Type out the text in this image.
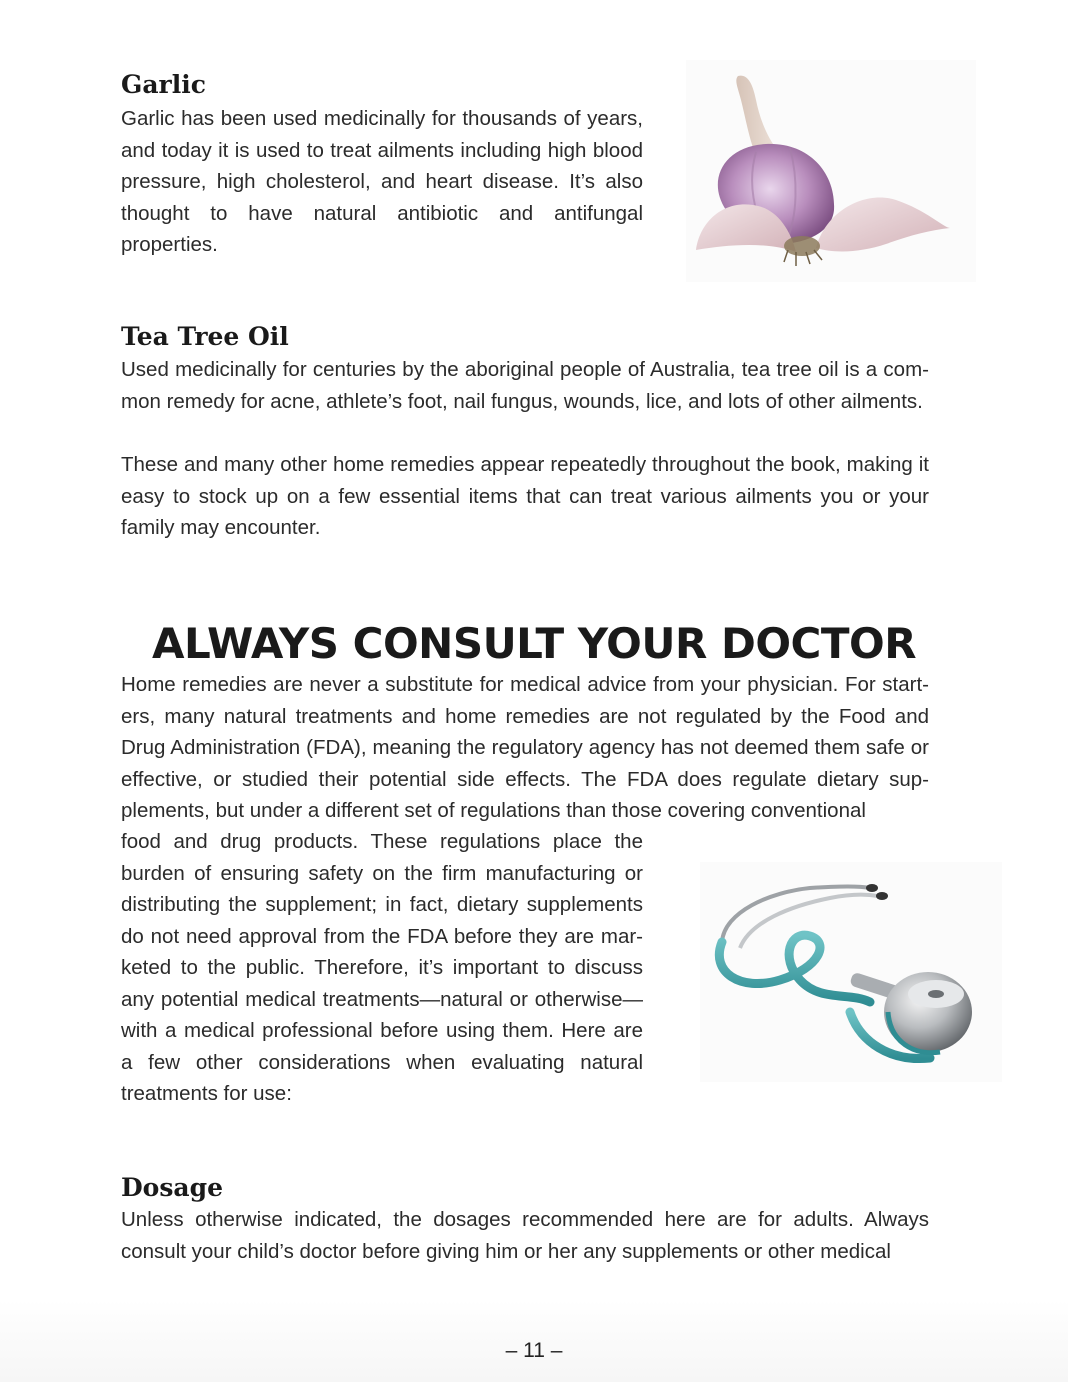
Garlic

Garlic has been used medicinally for thousands of years, and today it is used to treat ailments including high blood pressure, high cholesterol, and heart disease. It’s also thought to have natural antibiotic and antifungal properties.

Tea Tree Oil

Used medicinally for centuries by the aboriginal people of Australia, tea tree oil is a common remedy for acne, athlete’s foot, nail fungus, wounds, lice, and lots of other ailments.

These and many other home remedies appear repeatedly throughout the book, making it easy to stock up on a few essential items that can treat various ailments you or your family may encounter.

ALWAYS CONSULT YOUR DOCTOR

Home remedies are never a substitute for medical advice from your physician. For starters, many natural treatments and home remedies are not regulated by the Food and Drug Administration (FDA), meaning the regulatory agency has not deemed them safe or effective, or studied their potential side effects. The FDA does regulate dietary supplements, but under a different set of regulations than those covering conventional

food and drug products. These regulations place the burden of ensuring safety on the firm manufacturing or distributing the supplement; in fact, dietary supplements do not need approval from the FDA before they are marketed to the public. Therefore, it’s important to discuss any potential medical treatments—natural or otherwise—with a medical professional before using them. Here are a few other considerations when evaluating natural treatments for use:

Dosage

Unless otherwise indicated, the dosages recommended here are for adults. Always consult your child’s doctor before giving him or her any supplements or other medical

– 11 –
